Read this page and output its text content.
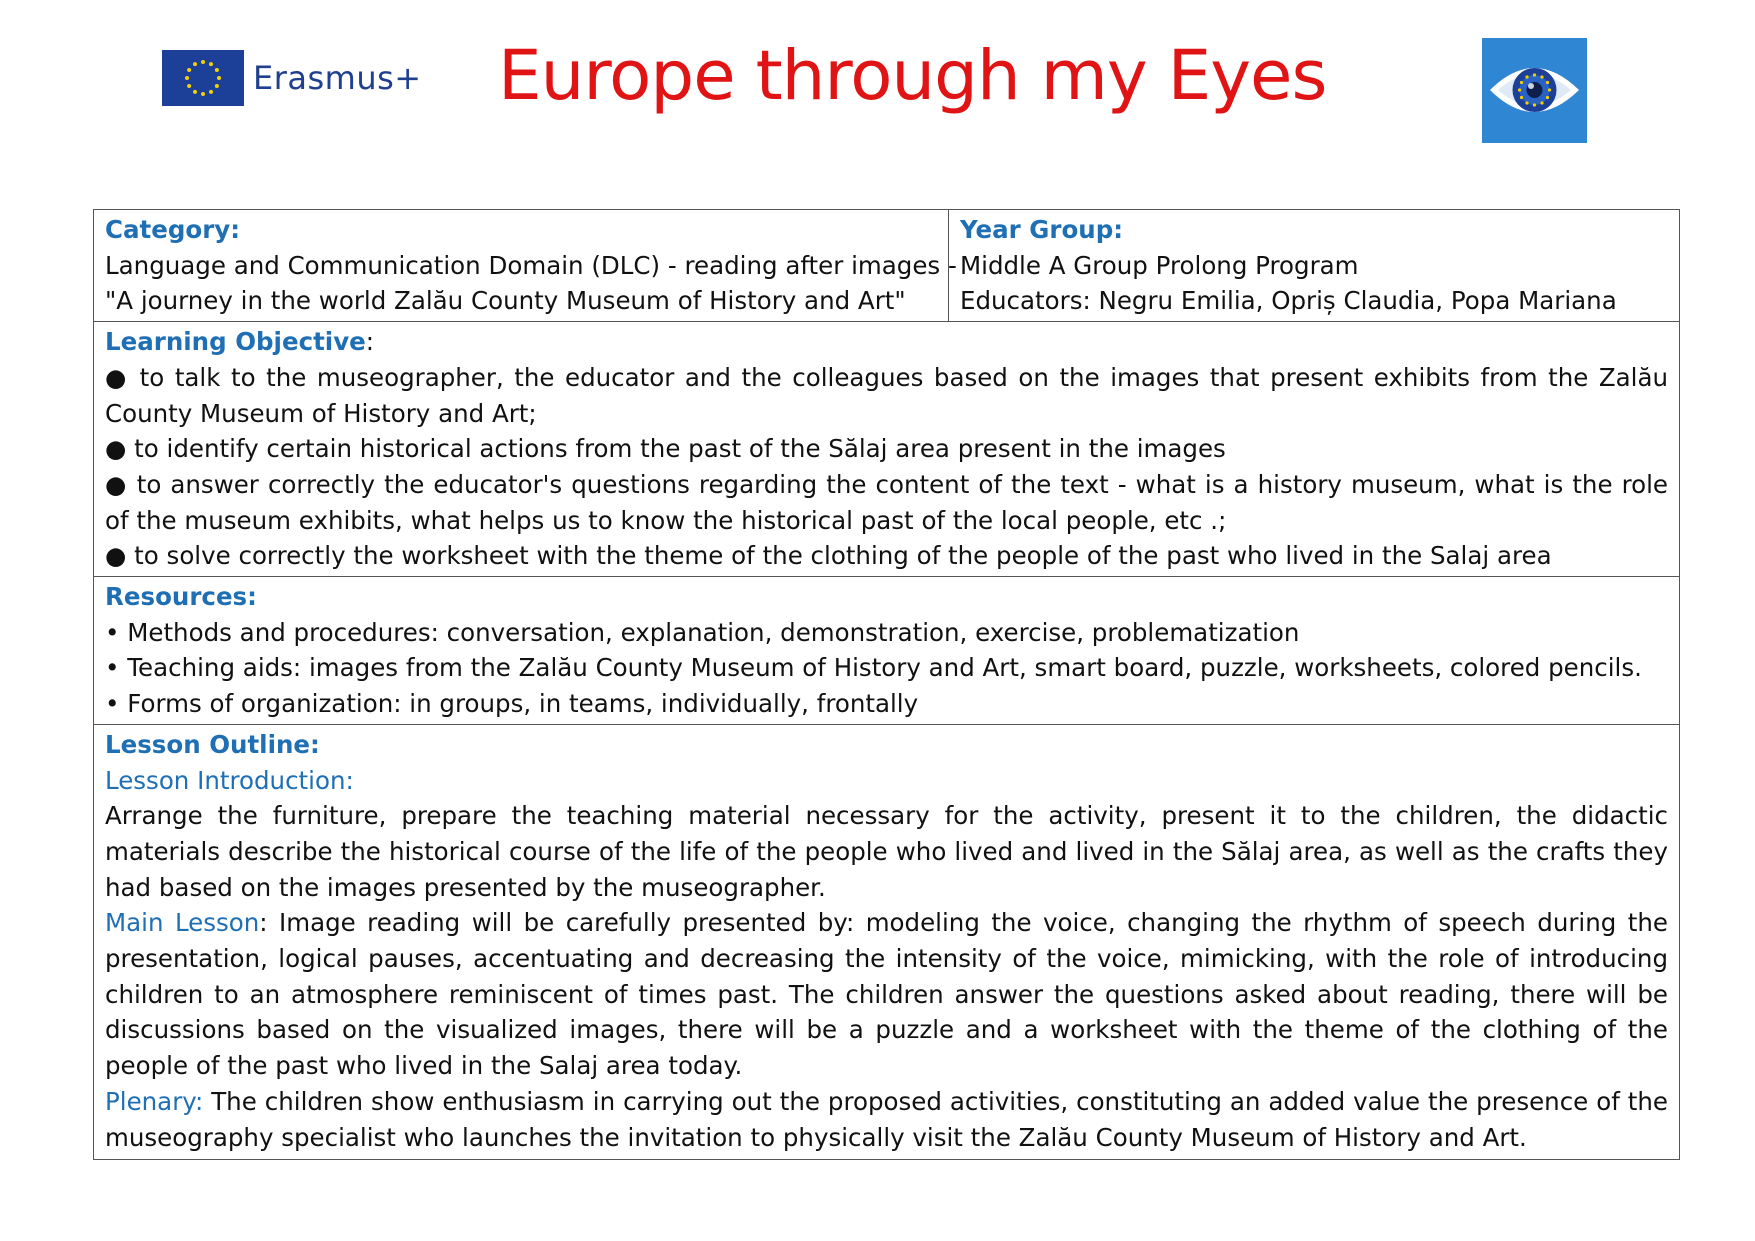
Erasmus+ Europe through my Eyes
Category:
Language and Communication Domain (DLC) - reading after images -
"A journey in the world Zalău County Museum of History and Art"

Year Group:
Middle A Group Prolong Program
Educators: Negru Emilia, Opriș Claudia, Popa Mariana

Learning Objective:
● to talk to the museographer, the educator and the colleagues based on the images that present exhibits from the Zalău County Museum of History and Art;
● to identify certain historical actions from the past of the Sălaj area present in the images
● to answer correctly the educator's questions regarding the content of the text - what is a history museum, what is the role of the museum exhibits, what helps us to know the historical past of the local people, etc .;
● to solve correctly the worksheet with the theme of the clothing of the people of the past who lived in the Salaj area

Resources:
• Methods and procedures: conversation, explanation, demonstration, exercise, problematization
• Teaching aids: images from the Zalău County Museum of History and Art, smart board, puzzle, worksheets, colored pencils.
• Forms of organization: in groups, in teams, individually, frontally

Lesson Outline:
Lesson Introduction:
Arrange the furniture, prepare the teaching material necessary for the activity, present it to the children, the didactic materials describe the historical course of the life of the people who lived and lived in the Sălaj area, as well as the crafts they had based on the images presented by the museographer.
Main Lesson: Image reading will be carefully presented by: modeling the voice, changing the rhythm of speech during the presentation, logical pauses, accentuating and decreasing the intensity of the voice, mimicking, with the role of introducing children to an atmosphere reminiscent of times past. The children answer the questions asked about reading, there will be discussions based on the visualized images, there will be a puzzle and a worksheet with the theme of the clothing of the people of the past who lived in the Salaj area today.
Plenary: The children show enthusiasm in carrying out the proposed activities, constituting an added value the presence of the museography specialist who launches the invitation to physically visit the Zalău County Museum of History and Art.
